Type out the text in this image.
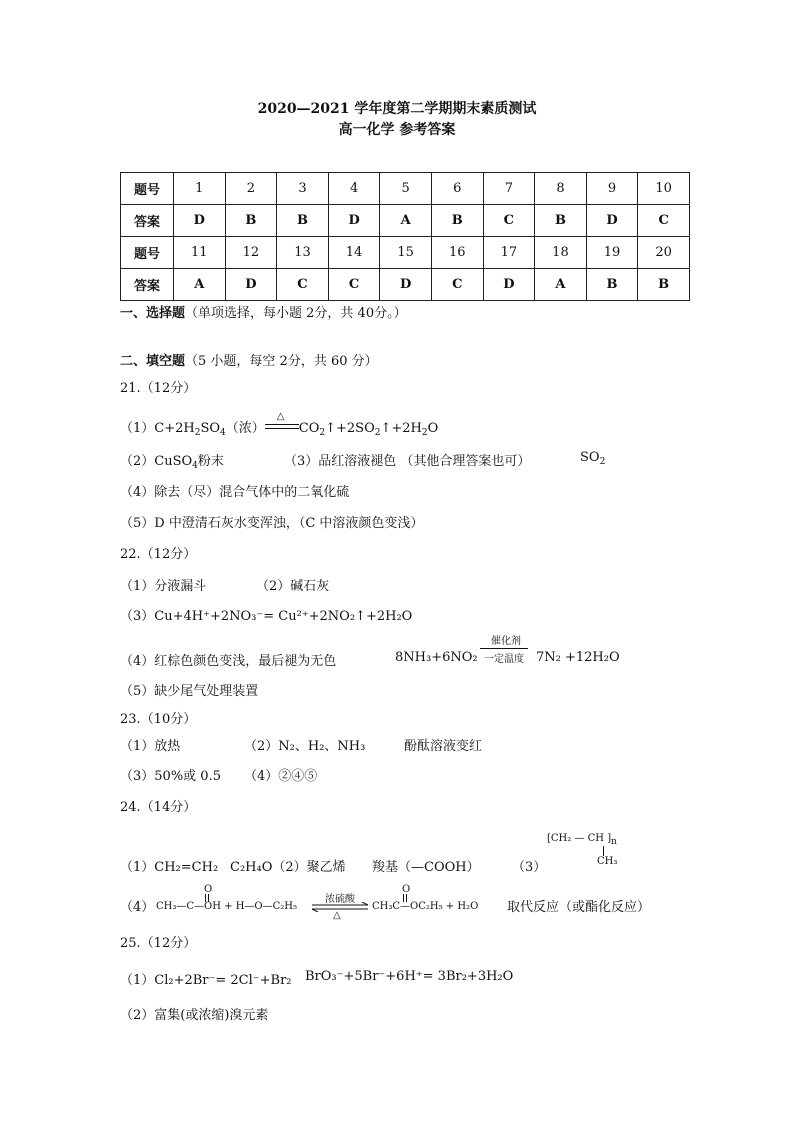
2020—2021 学年度第二学期期末素质测试
高一化学 参考答案
题号	1	2	3	4	5	6	7	8	9	10
答案	D	B	B	D	A	B	C	B	D	C
题号	11	12	13	14	15	16	17	18	19	20
答案	A	D	C	C	D	C	D	A	B	B
一、选择题（单项选择，每小题 2分，共 40分。）
二、填空题（5 小题，每空 2分，共 60 分）
21.（12分）
$(1)C+2H_2SO_4$（浓）
△
$CO_2↑+2SO_2↑+2H_2O$
（2）CuSO$_4$粉末	（3）品红溶液褪色 （其他合理答案也可）	$SO_2$
（4）除去（尽）混合气体中的二氧化硫
（5）D 中澄清石灰水变浑浊，（C 中溶液颜色变浅）
22.（12分）
（1）分液漏斗	（2）碱石灰
（3）Cu+4H⁺+2NO₃⁻= Cu²⁺+2NO₂↑+2H₂O
（4）红棕色颜色变浅，最后褪为无色	8NH₃+6NO₂
催化剂
一定温度 7N₂ +12H₂O
（5）缺少尾气处理装置
23.（10分）
（1）放热	（2）N₂、H₂、NH₃	酚酞溶液变红
（3）50%或 0.5 （4）②④⑤
24.（14分）
[CH₂ — CH ]$_n$
CH₃
（1）CH₂=CH₂ C₂H₄O（2）聚乙烯 羧基（—COOH） （3）
（4）
O
CH₃—C—OH + H—O—C₂H₅
浓硫酸
△
O
CH₃C—OC₂H₅ + H₂O 取代反应（或酯化反应）
25.（12分）
（1）Cl₂+2Br⁻= 2Cl⁻+Br₂ BrO₃⁻+5Br⁻+6H⁺= 3Br₂+3H₂O
（2）富集(或浓缩)溴元素
